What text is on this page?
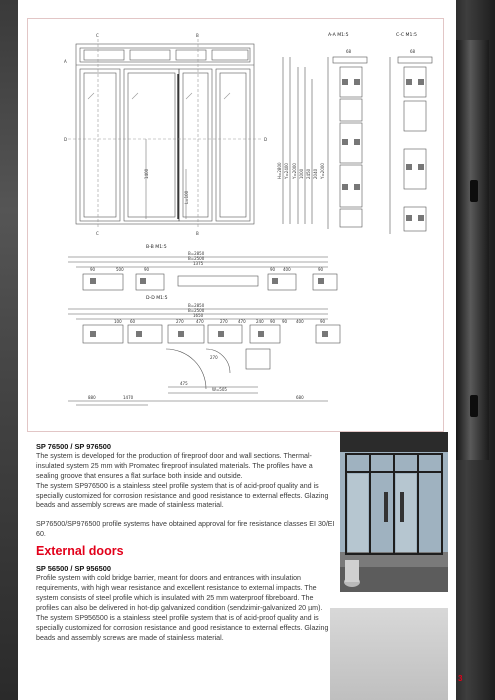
A-A M1:5	C-C M1:5
B-B M1:5
D-D M1:5
C	B
D	D
C	B
A
1400
L=100
H=2800 Y=2400 Y=2000 1000 2450 2040 Y=2000
68	68
B=2850
B=2500
1375
500
90	90	400
90	90
B=2850
B=2500
1650
100 60	270	470	270	470	240 90 90 400	90
880	1470	680
475
270
W=505

SP 76500 / SP 976500

The system is developed for the production of fireproof door and wall sections. Thermal-insulated system 25 mm with Promatec fireproof insulated materials. The profiles have a sealing groove that ensures a flat surface both inside and outside.

The system SP976500 is a stainless steel profile system that is of acid-proof quality and is specially customized for corrosion resistance and good resistance to external effects. Glazing beads and assembly screws are made of stainless material.

SP76500/SP976500 profile systems have obtained approval for fire resistance classes EI 30/EI 60.

External doors

SP 56500 / SP 956500

Profile system with cold bridge barrier, meant for doors and entrances with insulation requirements, with high wear resistance and excellent resistance to external impacts. The system consists of steel profile which is insulated with 25 mm waterproof fibreboard. The profiles can also be delivered in hot-dip galvanized condition (sendzimir-galvanized 20 µm).

The system SP956500 is a stainless steel profile system that is of acid-proof quality and is specially customized for corrosion resistance and good resistance to external effects. Glazing beads and assembly screws are made of stainless material.

3
